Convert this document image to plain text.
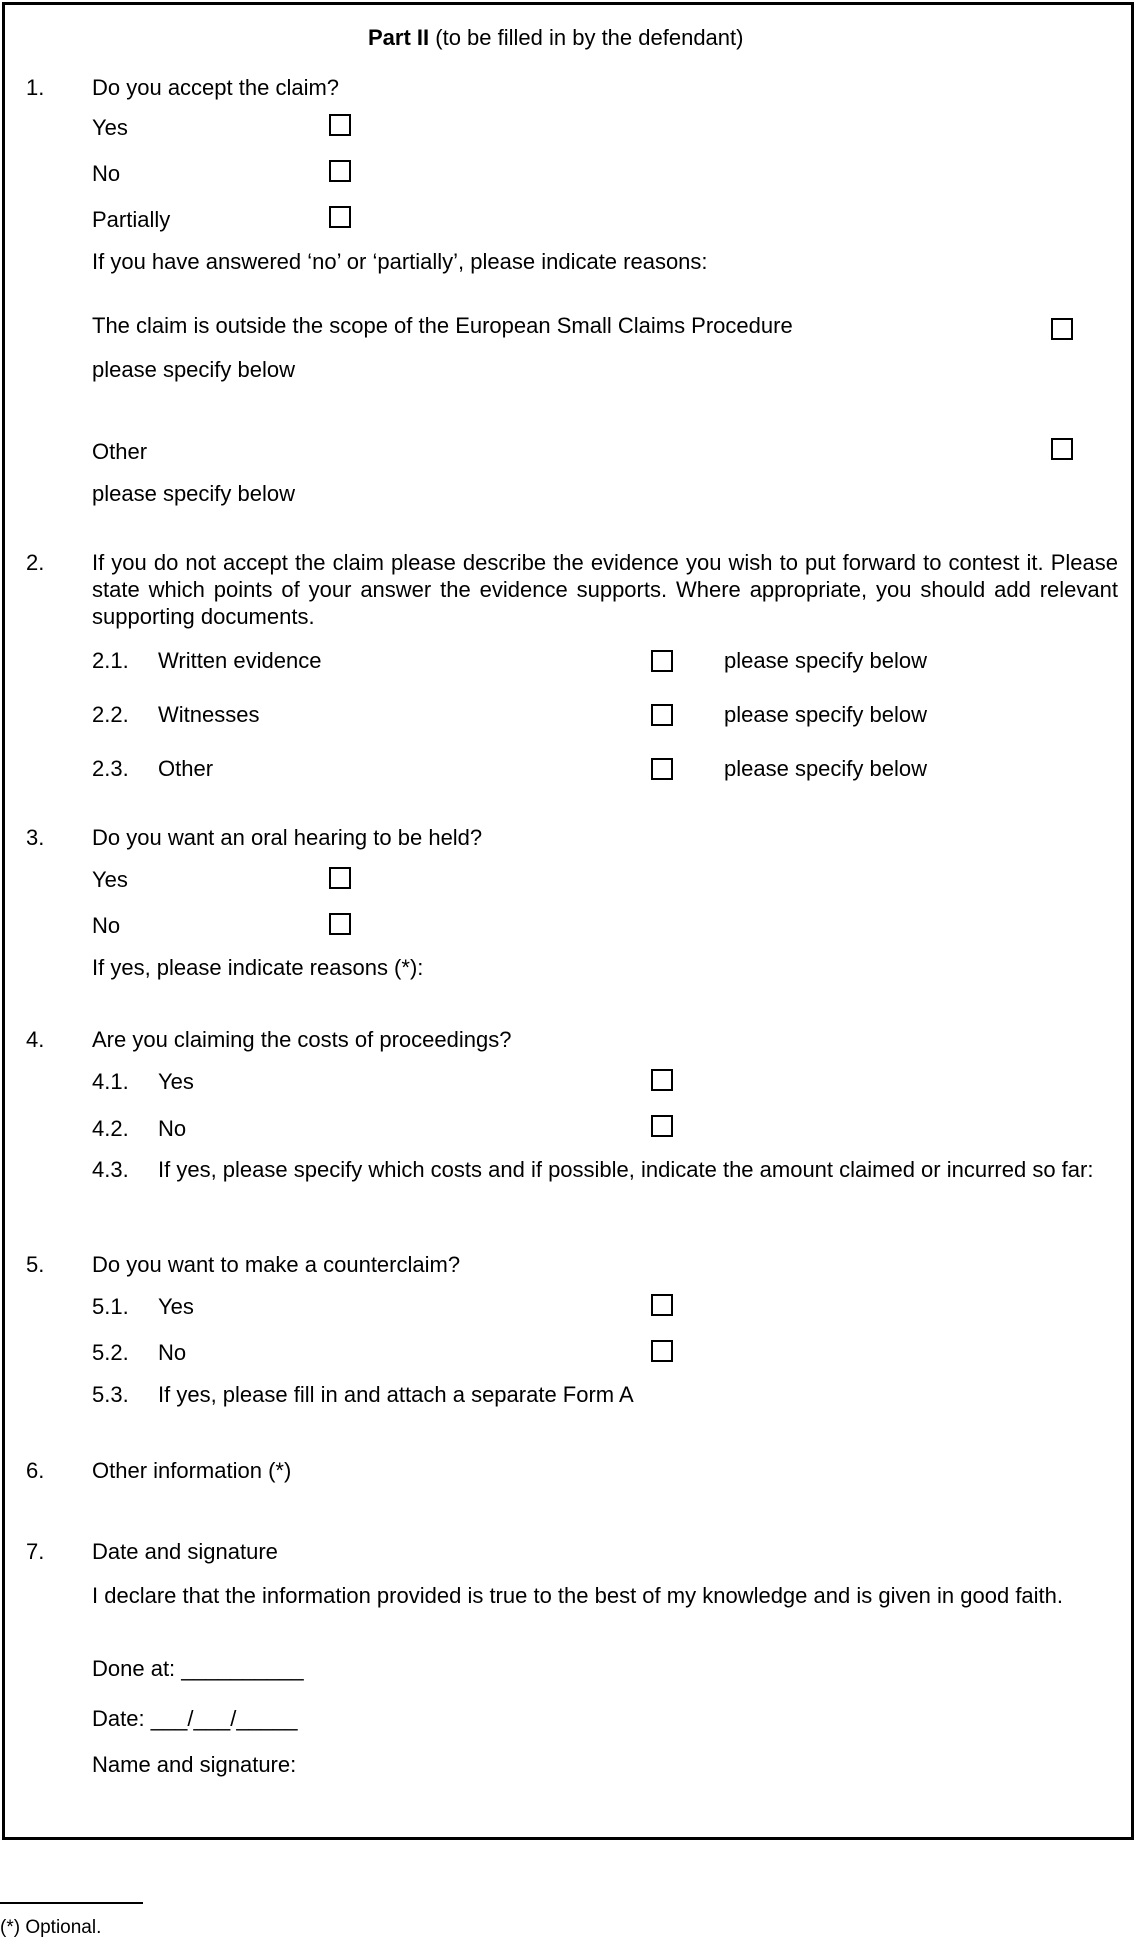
Part II (to be filled in by the defendant)
1. Do you accept the claim?
Yes
No
Partially
If you have answered ‘no’ or ‘partially’, please indicate reasons:
The claim is outside the scope of the European Small Claims Procedure
please specify below
Other
please specify below
2. If you do not accept the claim please describe the evidence you wish to put forward to contest it. Please state which points of your answer the evidence supports. Where appropriate, you should add relevant supporting documents.
2.1. Written evidence	please specify below
2.2. Witnesses	please specify below
2.3. Other	please specify below
3. Do you want an oral hearing to be held?
Yes
No
If yes, please indicate reasons (*):
4. Are you claiming the costs of proceedings?
4.1. Yes
4.2. No
4.3. If yes, please specify which costs and if possible, indicate the amount claimed or incurred so far:
5. Do you want to make a counterclaim?
5.1. Yes
5.2. No
5.3. If yes, please fill in and attach a separate Form A
6. Other information (*)
7. Date and signature
I declare that the information provided is true to the best of my knowledge and is given in good faith.
Done at: __________
Date: ___/___/_____
Name and signature:
(*) Optional.
